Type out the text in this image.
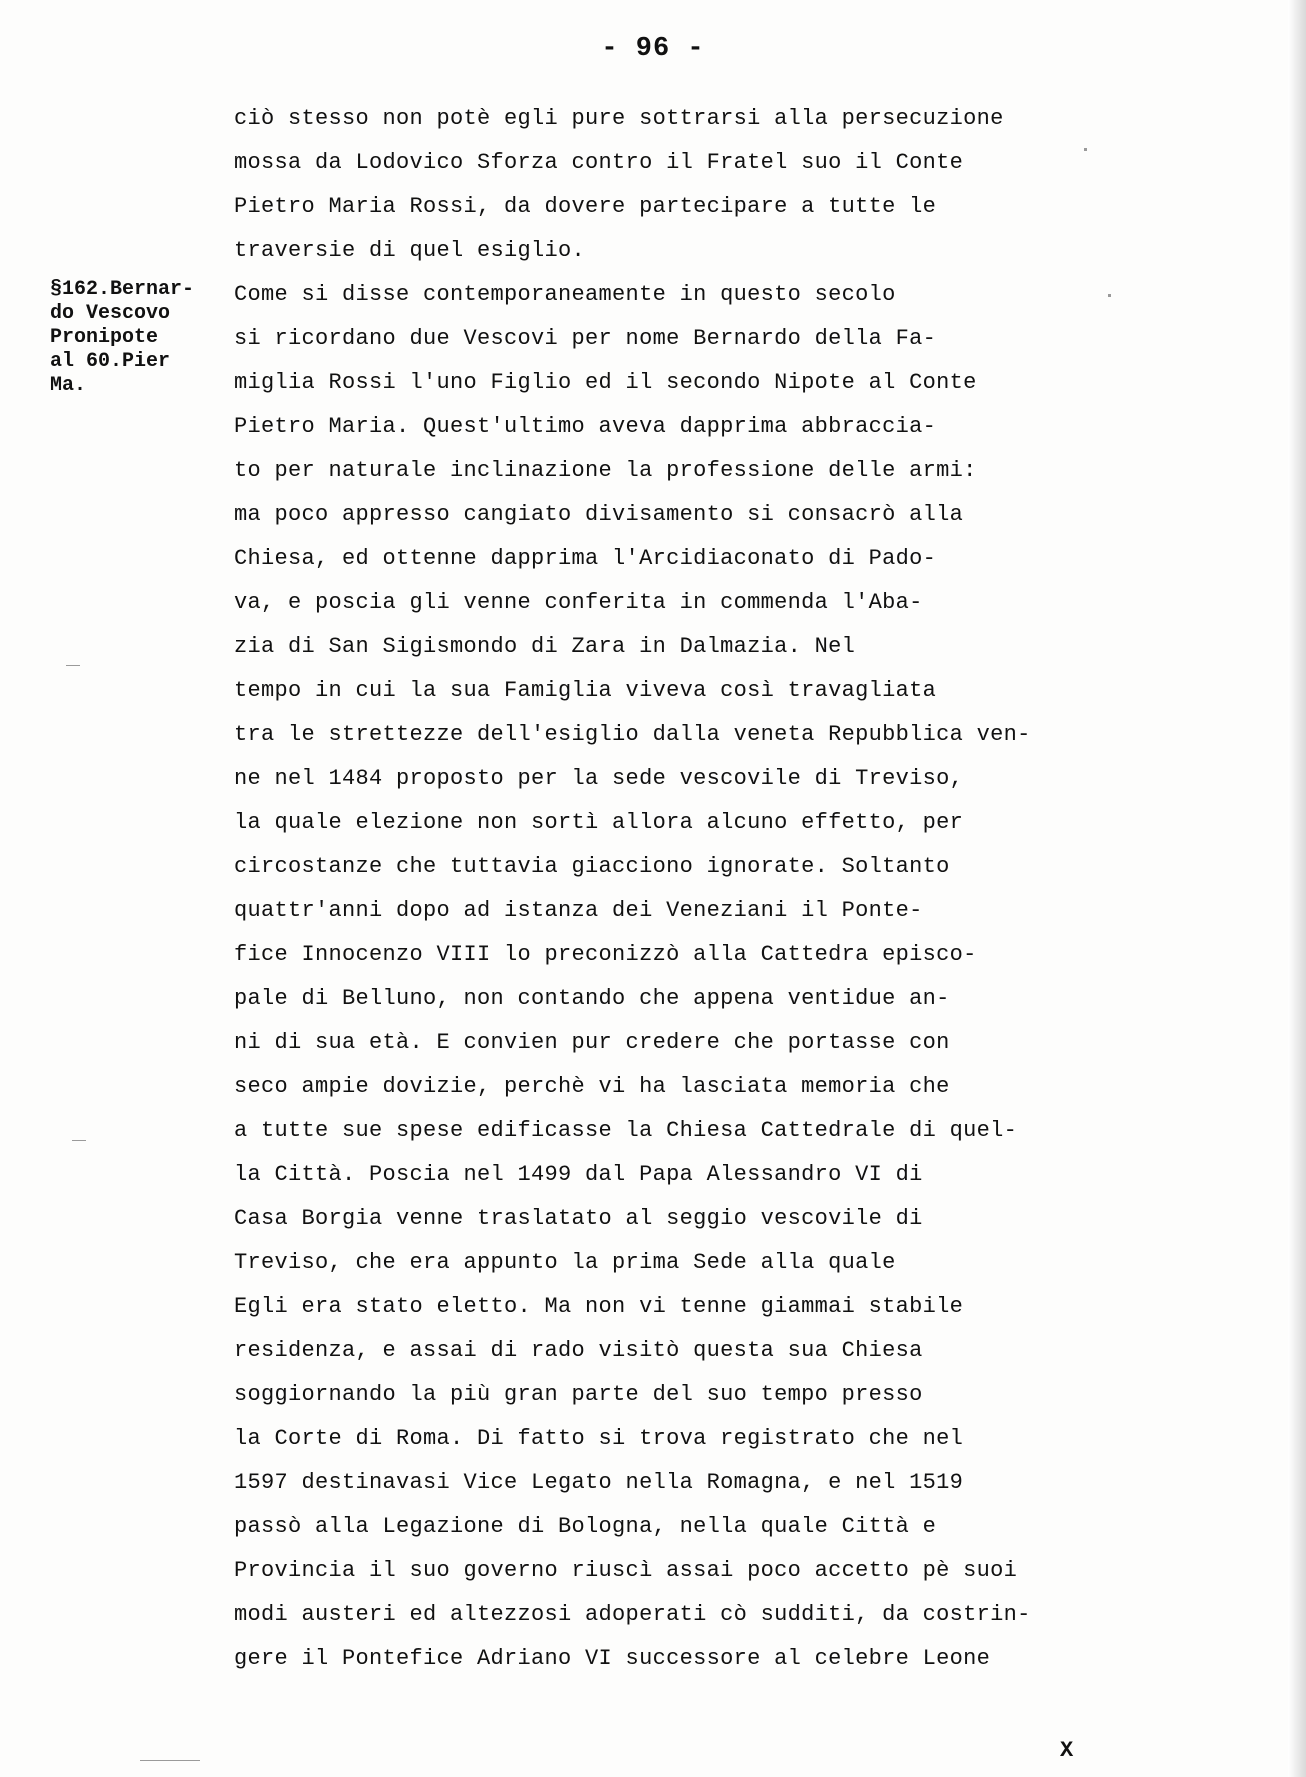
- 96 -
§162.Bernar-
do Vescovo
Pronipote
al 60.Pier
Ma.
ciò stesso non potè egli pure sottrarsi alla persecuzione
mossa da Lodovico Sforza contro il Fratel suo il Conte
Pietro Maria Rossi, da dovere partecipare a tutte le
traversie di quel esiglio.
Come si disse contemporaneamente in questo secolo
si ricordano due Vescovi per nome Bernardo della Fa-
miglia Rossi l'uno Figlio ed il secondo Nipote al Conte
Pietro Maria. Quest'ultimo aveva dapprima abbraccia-
to per naturale inclinazione la professione delle armi:
ma poco appresso cangiato divisamento si consacrò alla
Chiesa, ed ottenne dapprima l'Arcidiaconato di Pado-
va, e poscia gli venne conferita in commenda l'Aba-
zia di San Sigismondo di Zara in Dalmazia. Nel
tempo in cui la sua Famiglia viveva così travagliata
tra le strettezze dell'esiglio dalla veneta Repubblica ven-
ne nel 1484 proposto per la sede vescovile di Treviso,
la quale elezione non sortì allora alcuno effetto, per
circostanze che tuttavia giacciono ignorate. Soltanto
quattr'anni dopo ad istanza dei Veneziani il Ponte-
fice Innocenzo VIII lo preconizzò alla Cattedra episco-
pale di Belluno, non contando che appena ventidue an-
ni di sua età. E convien pur credere che portasse con
seco ampie dovizie, perchè vi ha lasciata memoria che
a tutte sue spese edificasse la Chiesa Cattedrale di quel-
la Città. Poscia nel 1499 dal Papa Alessandro VI di
Casa Borgia venne traslatato al seggio vescovile di
Treviso, che era appunto la prima Sede alla quale
Egli era stato eletto. Ma non vi tenne giammai stabile
residenza, e assai di rado visitò questa sua Chiesa
soggiornando la più gran parte del suo tempo presso
la Corte di Roma. Di fatto si trova registrato che nel
1597 destinavasi Vice Legato nella Romagna, e nel 1519
passò alla Legazione di Bologna, nella quale Città e
Provincia il suo governo riuscì assai poco accetto pè suoi
modi austeri ed altezzosi adoperati cò sudditi, da costrin-
gere il Pontefice Adriano VI successore al celebre Leone
X
